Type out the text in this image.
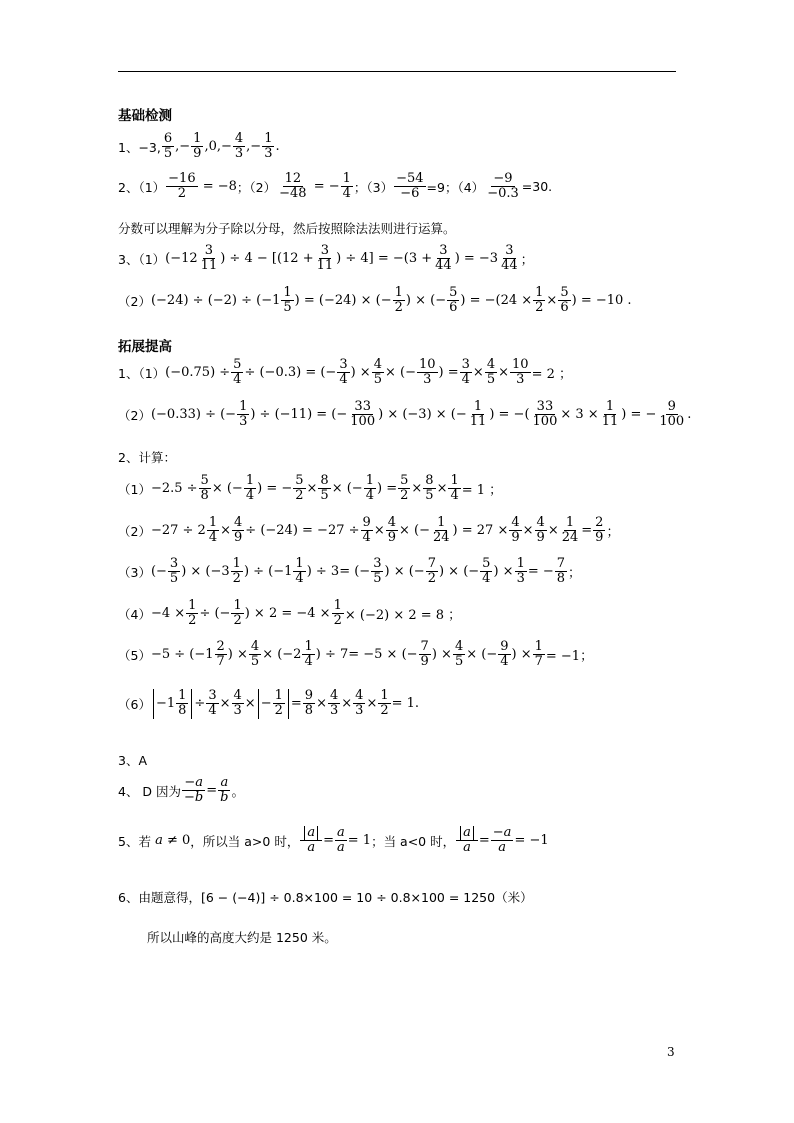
基础检测
1、−3, $\frac{6}{5}$ ,− $\frac{1}{9} ,0,- \frac{4}{3}$ ,− $\frac{1}{3}$ .
2、$(1) \frac{-16}{2} = -8$ ；$(2) \frac{12}{-48}$ = − $\frac{1}{4}$ ；$(3) \frac{-54}{-6} =9$；$(4) \frac{-9}{-0.3} =30$.
分数可以理解为分子除以分母，然后按照除法法则进行运算。
3、（1） ($-12 \frac{3}{11}$ ) ÷ $4 - [(12 + \frac{3}{11}$ ) ÷ $4] = -(3 + \frac{3}{44}$ ) = $-3 \frac{3}{44}$ ；
（2） $(-24) \div (-2) \div (-1 \frac{1}{5}$ ) = (−24) × (− $\frac{1}{2}$ ) × (− $\frac{5}{6}$ ) = $-(24 \times \frac{1}{2} \times \frac{5}{6}$ ) = −10 .
拓展提高
1、（1） $(-0.75) \div \frac{5}{4} \div (-0.3)$ = (− $\frac{3}{4}$ ) × $\frac{4}{5}$ × (− $\frac{10}{3}$ ) = $\frac{3}{4} \times \frac{4}{5} \times \frac{10}{3} = 2$ ；
（2） (−0.33) ÷ (− $\frac{1}{3}$ ) ÷ (−11) = (− $\frac{33}{100}$ ) × (−3) × (− $\frac{1}{11}$ ) = −( $\frac{33}{100} \times 3 \times \frac{1}{11}$ ) = − $\frac{9}{100}$ .
2、计算：
$(1) -2.5 \div \frac{5}{8}$ × (− $\frac{1}{4}$ ) = − $\frac{5}{2} \times \frac{8}{5}$ × (− $\frac{1}{4}$ ) = $\frac{5}{2} \times \frac{8}{5} \times \frac{1}{4} = 1$ ；
$(2) -27 \div 2 \frac{1}{4} \times \frac{4}{9} \div (-24) = -27 \div \frac{9}{4} \times \frac{4}{9}$ × (− $\frac{1}{24}$ ) = $27 \times \frac{4}{9} \times \frac{4}{9} \times \frac{1}{24} = \frac{2}{9}$ ；
（3） (− $\frac{3}{5}$ ) × ($-3 \frac{1}{2}$ ) ÷ ($-1 \frac{1}{4}$ ) ÷ 3= (− $\frac{3}{5}$ ) × (− $\frac{7}{2}$ ) × (− $\frac{5}{4}$ ) × $\frac{1}{3}$ = − $\frac{7}{8}$ ；
$(4) -4 \times \frac{1}{2}$ ÷ (− $\frac{1}{2}$ ) × $2 = -4 \times \frac{1}{2} \times (-2) \times 2 = 8$ ；
$(5) -5 \div (-1 \frac{2}{7}$ ) × $\frac{4}{5} \times (-2 \frac{1}{4}$ ) ÷ 7= −5 × (− $\frac{7}{9}$ ) × $\frac{4}{5}$ × (− $\frac{9}{4}$ ) × $\frac{1}{7} = -1$；
$(6) -1 \frac{1}{8} \div \frac{3}{4} \times \frac{4}{3}$ × − $\frac{1}{2} = \frac{9}{8} \times \frac{4}{3} \times \frac{4}{3} \times \frac{1}{2} = 1$.
3、A
4、 D 因为 $\frac{-a}{-b} = \frac{a}{b}$ 。
5、若 a ≠ 0 ，所以当 a>0 时， $\frac{a}{a} = \frac{a}{a} = 1$ ；当 a<0 时， $\frac{a}{a} = \frac{-a}{a} = -1$
6、由题意得，[6 − (−4)] ÷ 0.8×100 = 10 ÷ 0.8×100 = 1250（米）
所以山峰的高度大约是 1250 米。
3
